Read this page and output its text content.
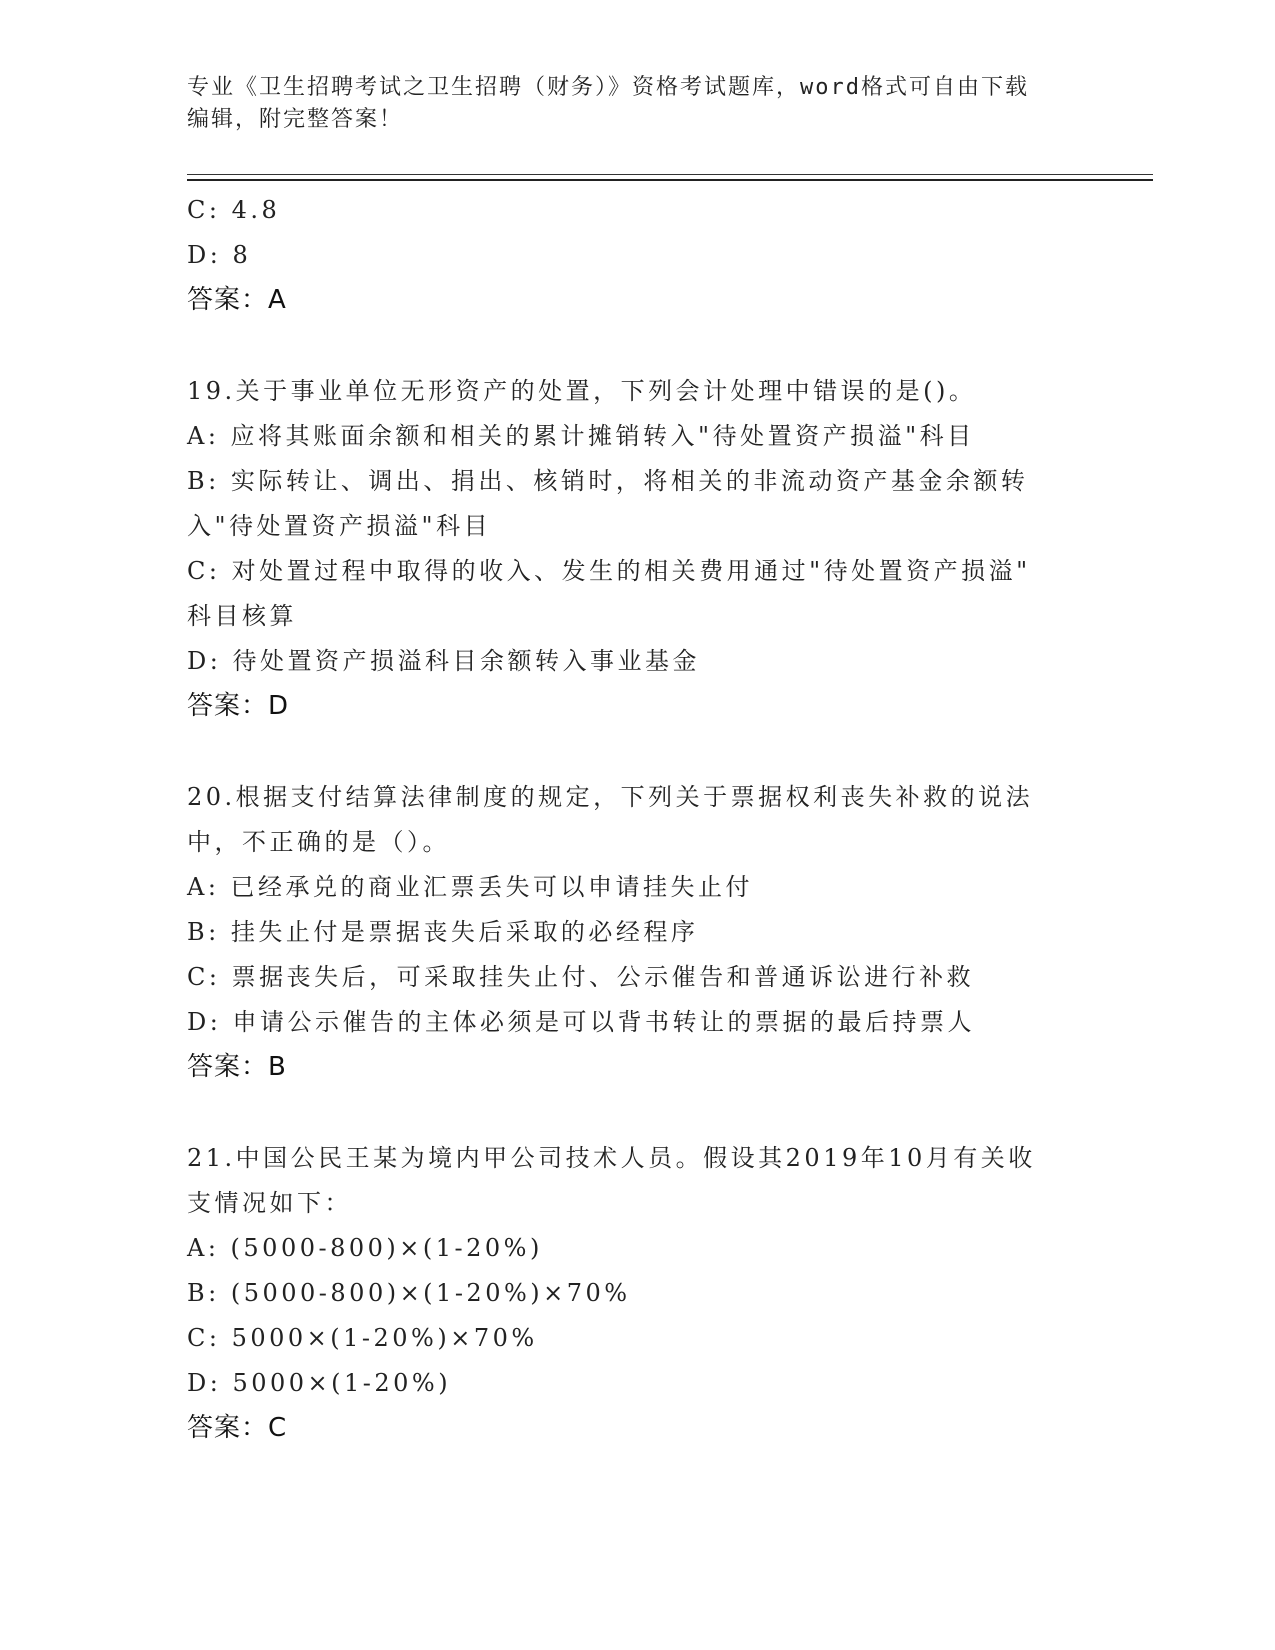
专业《卫生招聘考试之卫生招聘（财务）》资格考试题库，word格式可自由下载
编辑，附完整答案！
C: 4.8
D: 8
答案：A
19.关于事业单位无形资产的处置，下列会计处理中错误的是()。
A: 应将其账面余额和相关的累计摊销转入"待处置资产损溢"科目
B: 实际转让、调出、捐出、核销时，将相关的非流动资产基金余额转
入"待处置资产损溢"科目
C: 对处置过程中取得的收入、发生的相关费用通过"待处置资产损溢"
科目核算
D: 待处置资产损溢科目余额转入事业基金
答案：D
20.根据支付结算法律制度的规定，下列关于票据权利丧失补救的说法
中，不正确的是（）。
A: 已经承兑的商业汇票丢失可以申请挂失止付
B: 挂失止付是票据丧失后采取的必经程序
C: 票据丧失后，可采取挂失止付、公示催告和普通诉讼进行补救
D: 申请公示催告的主体必须是可以背书转让的票据的最后持票人
答案：B
21.中国公民王某为境内甲公司技术人员。假设其2019年10月有关收
支情况如下：
A: (5000-800)×(1-20%)
B: (5000-800)×(1-20%)×70%
C: 5000×(1-20%)×70%
D: 5000×(1-20%)
答案：C
